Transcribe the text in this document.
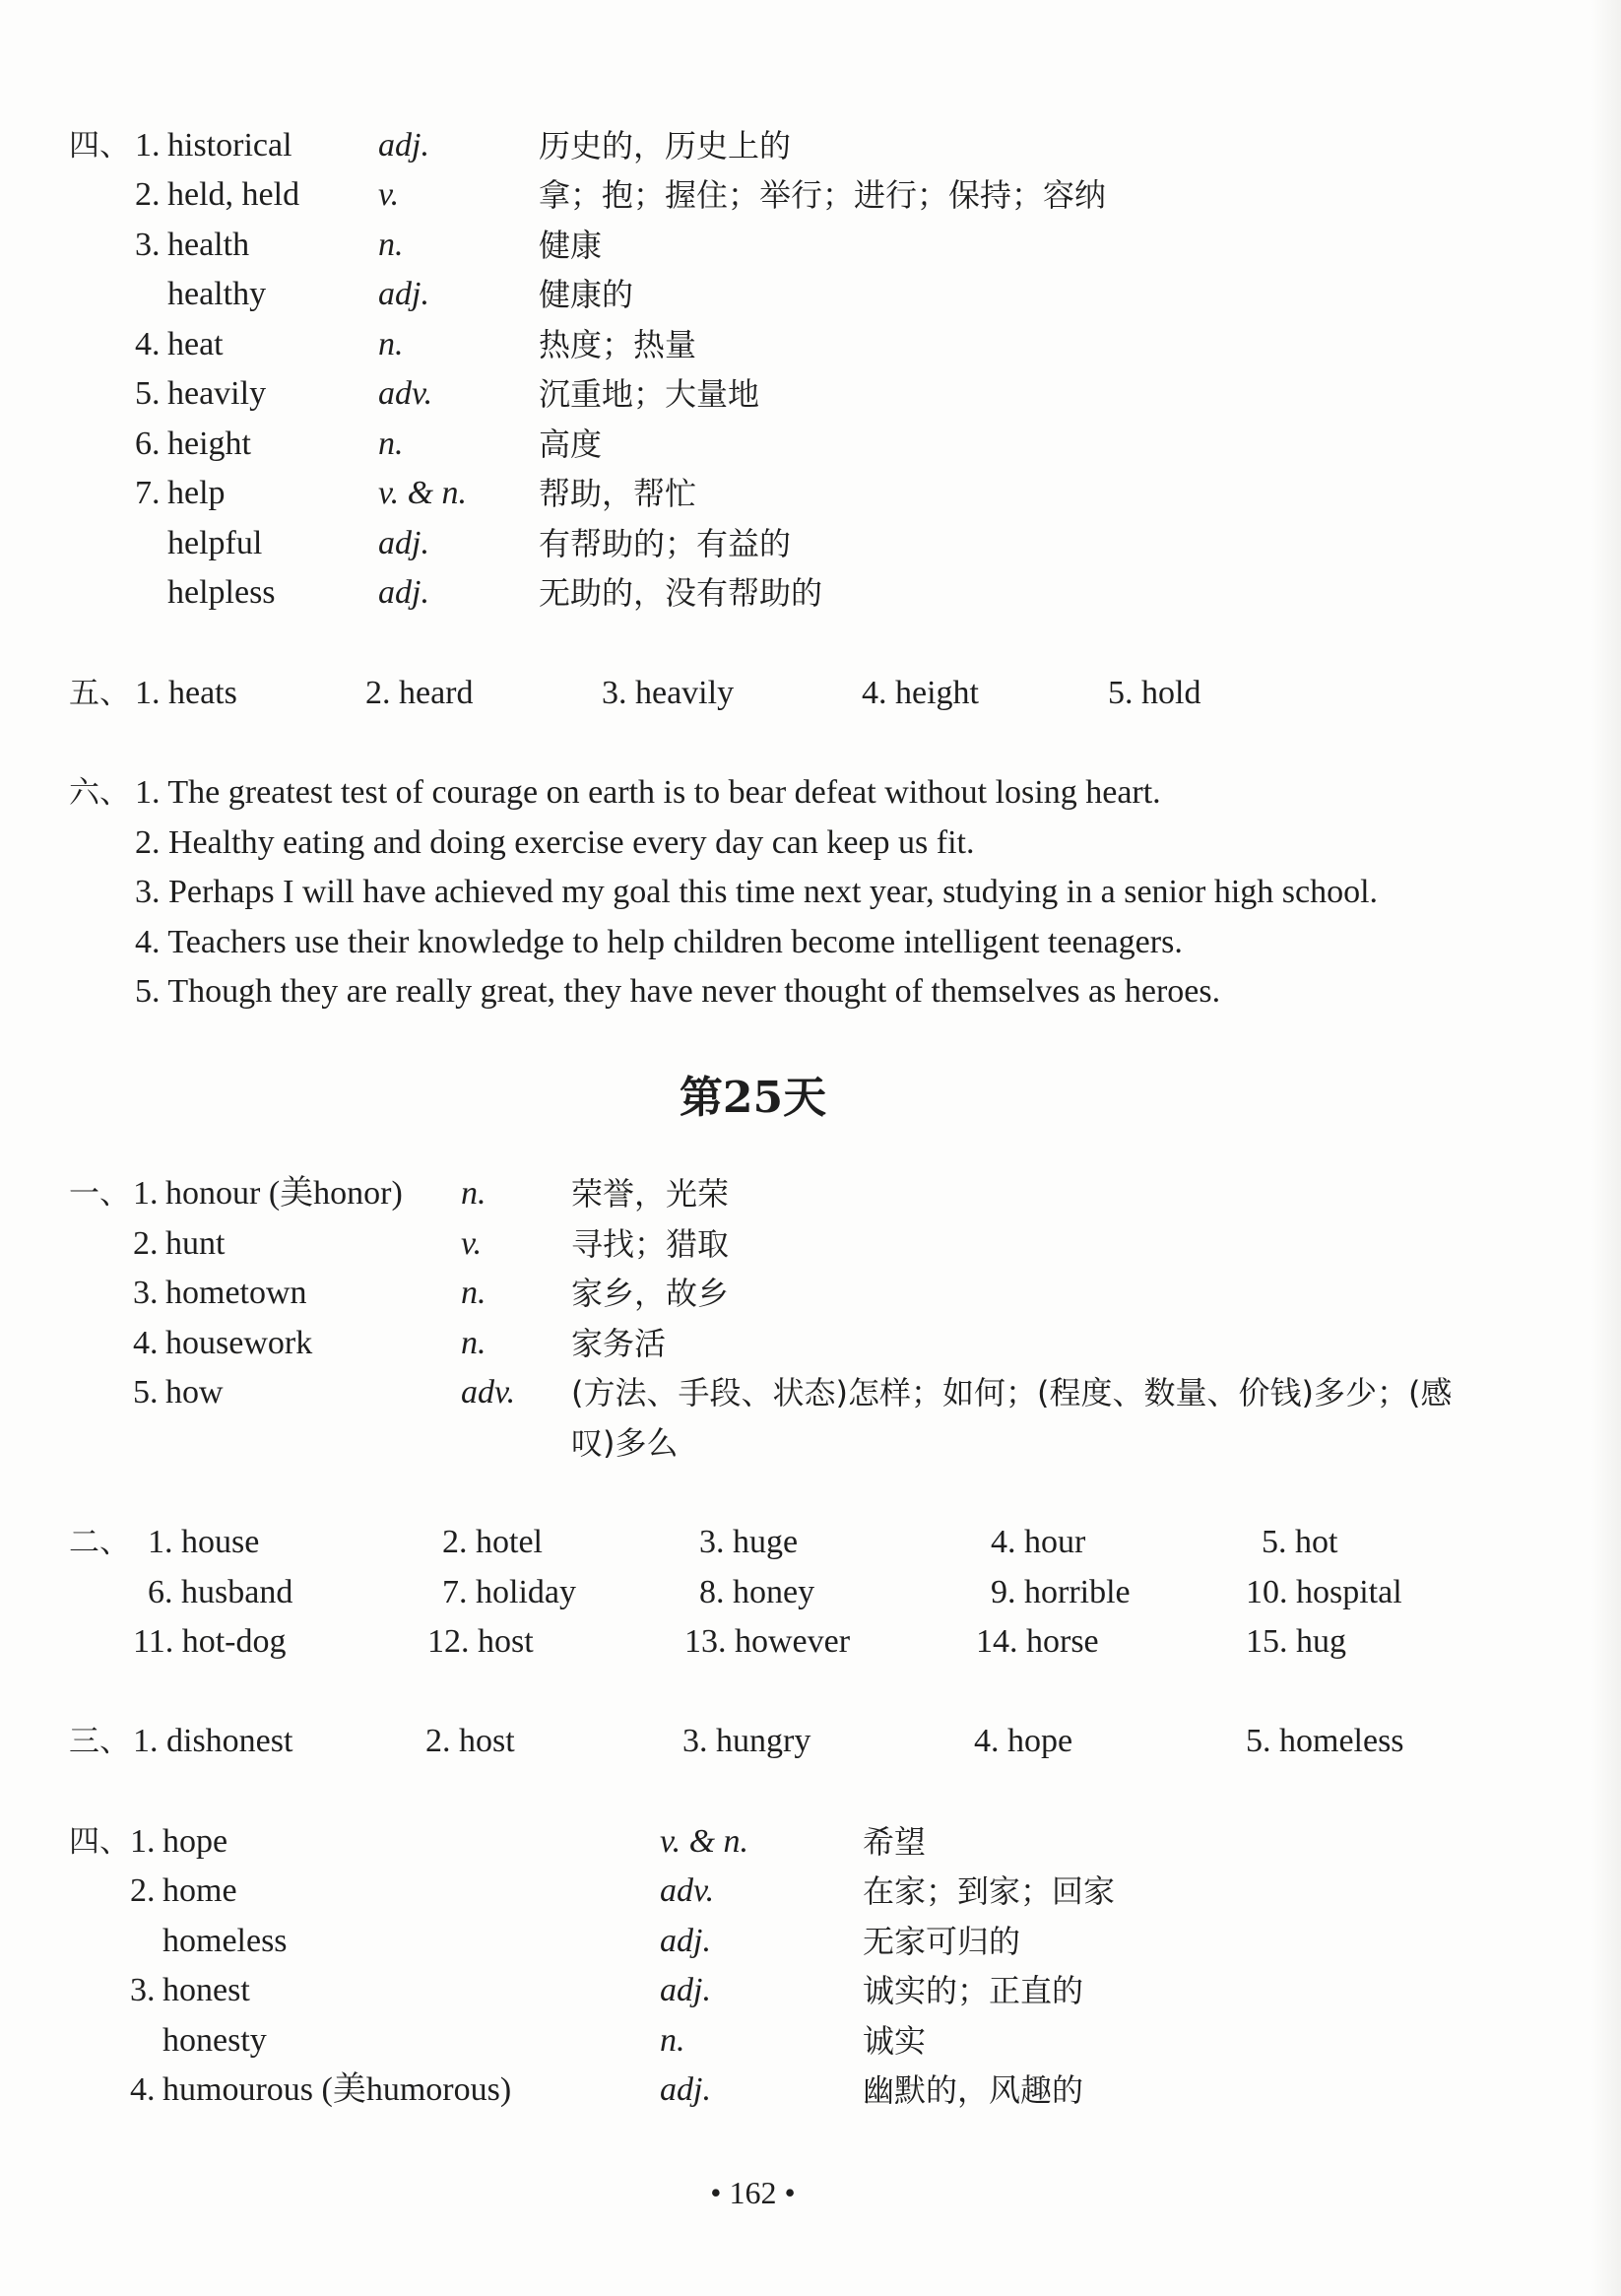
四、 1. historical	adj.	历史的，历史上的
2. held, held v.	拿；抱；握住；举行；进行；保持；容纳
3. health	n.	健康
healthy	adj.	健康的
4. heat	n.	热度；热量
5. heavily	adv.	沉重地；大量地
6. height	n.	高度
7. help	v. & n. 帮助，帮忙
helpful	adj.	有帮助的；有益的
helpless	adj.	无助的，没有帮助的
五、 1. heats	2. heard	3. heavily	4. height	5. hold
六、 1. The greatest test of courage on earth is to bear defeat without losing heart.
2. Healthy eating and doing exercise every day can keep us fit.
3. Perhaps I will have achieved my goal this time next year, studying in a senior high school.
4. Teachers use their knowledge to help children become intelligent teenagers.
5. Though they are really great, they have never thought of themselves as heroes.
第25天
一、 1. honour (美honor) n.	荣誉，光荣
2. hunt	v.	寻找；猎取
3. hometown	n.	家乡，故乡
4. housework	n.	家务活
5. how	adv. (方法、手段、状态)怎样；如何；(程度、数量、价钱)多少；(感
叹)多么
二、 1. house	2. hotel	3. huge	4. hour	5. hot
6. husband	7. holiday	8. honey	9. horrible	10. hospital
11. hot-dog	12. host	13. however	14. horse	15. hug
三、 1. dishonest	2. host	3. hungry	4. hope	5. homeless
四、 1. hope	v. & n.	希望
2. home	adv.	在家；到家；回家
homeless	adj.	无家可归的
3. honest	adj.	诚实的；正直的
honesty	n.	诚实
4. humourous (美humorous)	adj.	幽默的，风趣的
• 162 •
